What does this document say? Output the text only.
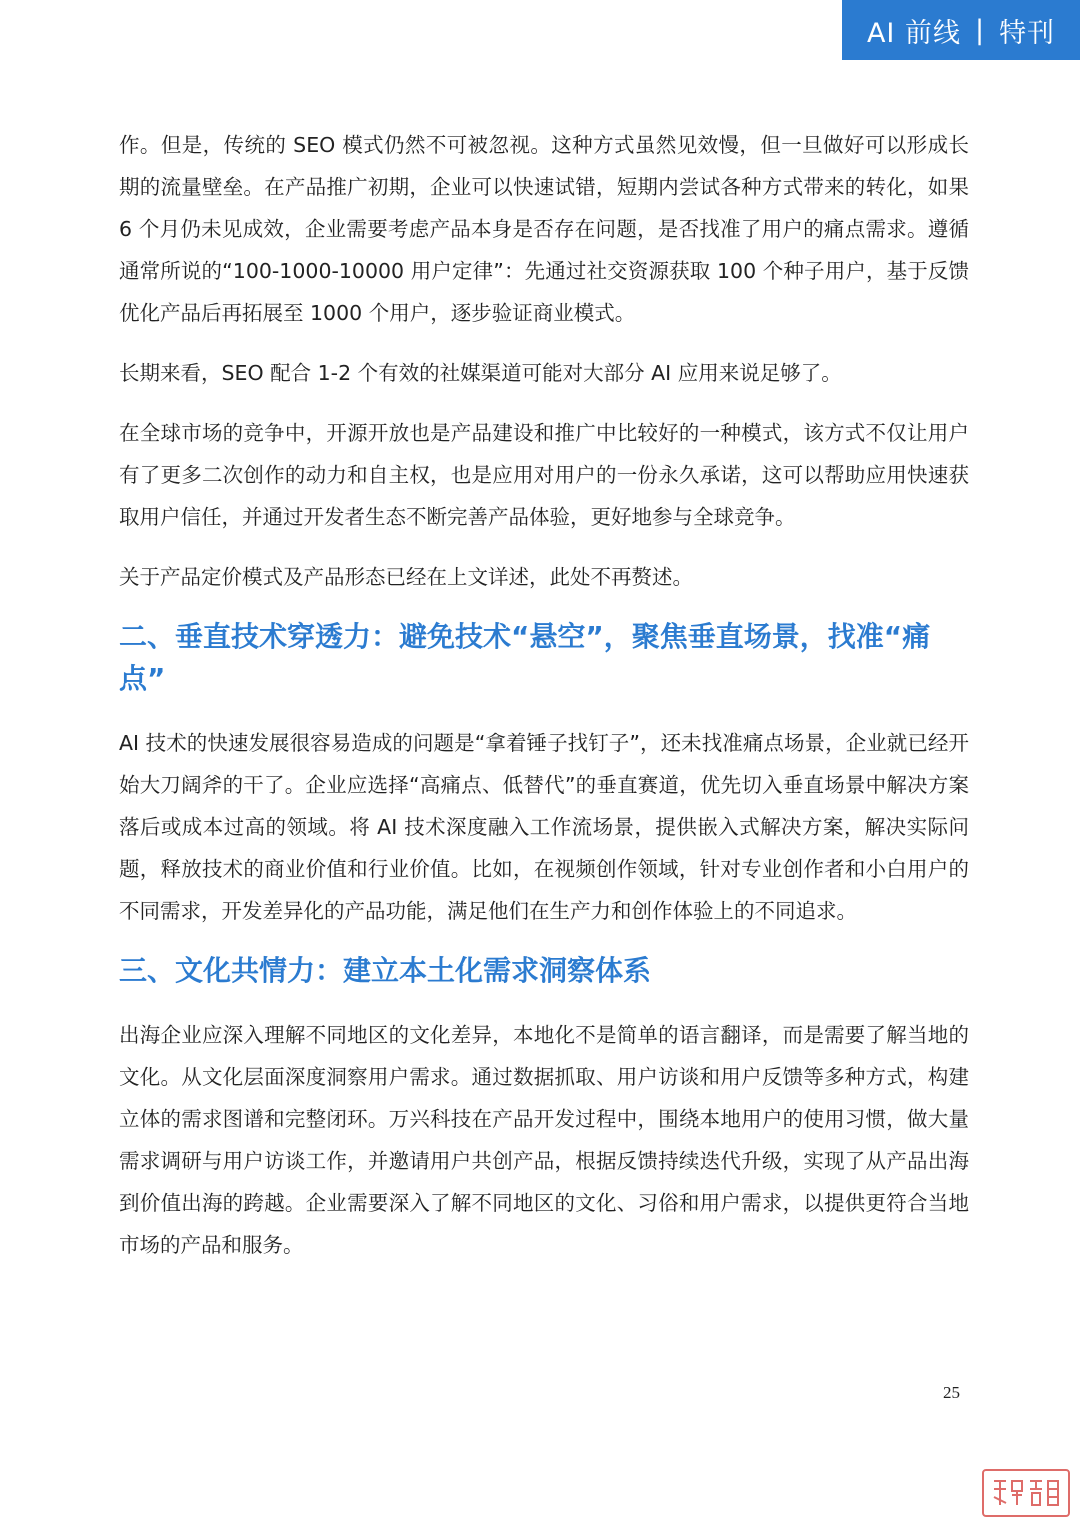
AI 前线 | 特刊

作。但是，传统的 SEO 模式仍然不可被忽视。这种方式虽然见效慢，但一旦做好可以形成长期的流量壁垒。在产品推广初期，企业可以快速试错，短期内尝试各种方式带来的转化，如果 6 个月仍未见成效，企业需要考虑产品本身是否存在问题，是否找准了用户的痛点需求。遵循通常所说的“100-1000-10000 用户定律”：先通过社交资源获取 100 个种子用户，基于反馈优化产品后再拓展至 1000 个用户，逐步验证商业模式。

长期来看，SEO 配合 1-2 个有效的社媒渠道可能对大部分 AI 应用来说足够了。

在全球市场的竞争中，开源开放也是产品建设和推广中比较好的一种模式，该方式不仅让用户有了更多二次创作的动力和自主权，也是应用对用户的一份永久承诺，这可以帮助应用快速获取用户信任，并通过开发者生态不断完善产品体验，更好地参与全球竞争。

关于产品定价模式及产品形态已经在上文详述，此处不再赘述。

二、垂直技术穿透力：避免技术“悬空”，聚焦垂直场景，找准“痛点”

AI 技术的快速发展很容易造成的问题是“拿着锤子找钉子”，还未找准痛点场景，企业就已经开始大刀阔斧的干了。企业应选择“高痛点、低替代”的垂直赛道，优先切入垂直场景中解决方案落后或成本过高的领域。将 AI 技术深度融入工作流场景，提供嵌入式解决方案，解决实际问题，释放技术的商业价值和行业价值。比如，在视频创作领域，针对专业创作者和小白用户的不同需求，开发差异化的产品功能，满足他们在生产力和创作体验上的不同追求。

三、文化共情力：建立本土化需求洞察体系

出海企业应深入理解不同地区的文化差异，本地化不是简单的语言翻译，而是需要了解当地的文化。从文化层面深度洞察用户需求。通过数据抓取、用户访谈和用户反馈等多种方式，构建立体的需求图谱和完整闭环。万兴科技在产品开发过程中，围绕本地用户的使用习惯，做大量需求调研与用户访谈工作，并邀请用户共创产品，根据反馈持续迭代升级，实现了从产品出海到价值出海的跨越。企业需要深入了解不同地区的文化、习俗和用户需求，以提供更符合当地市场的产品和服务。

25
